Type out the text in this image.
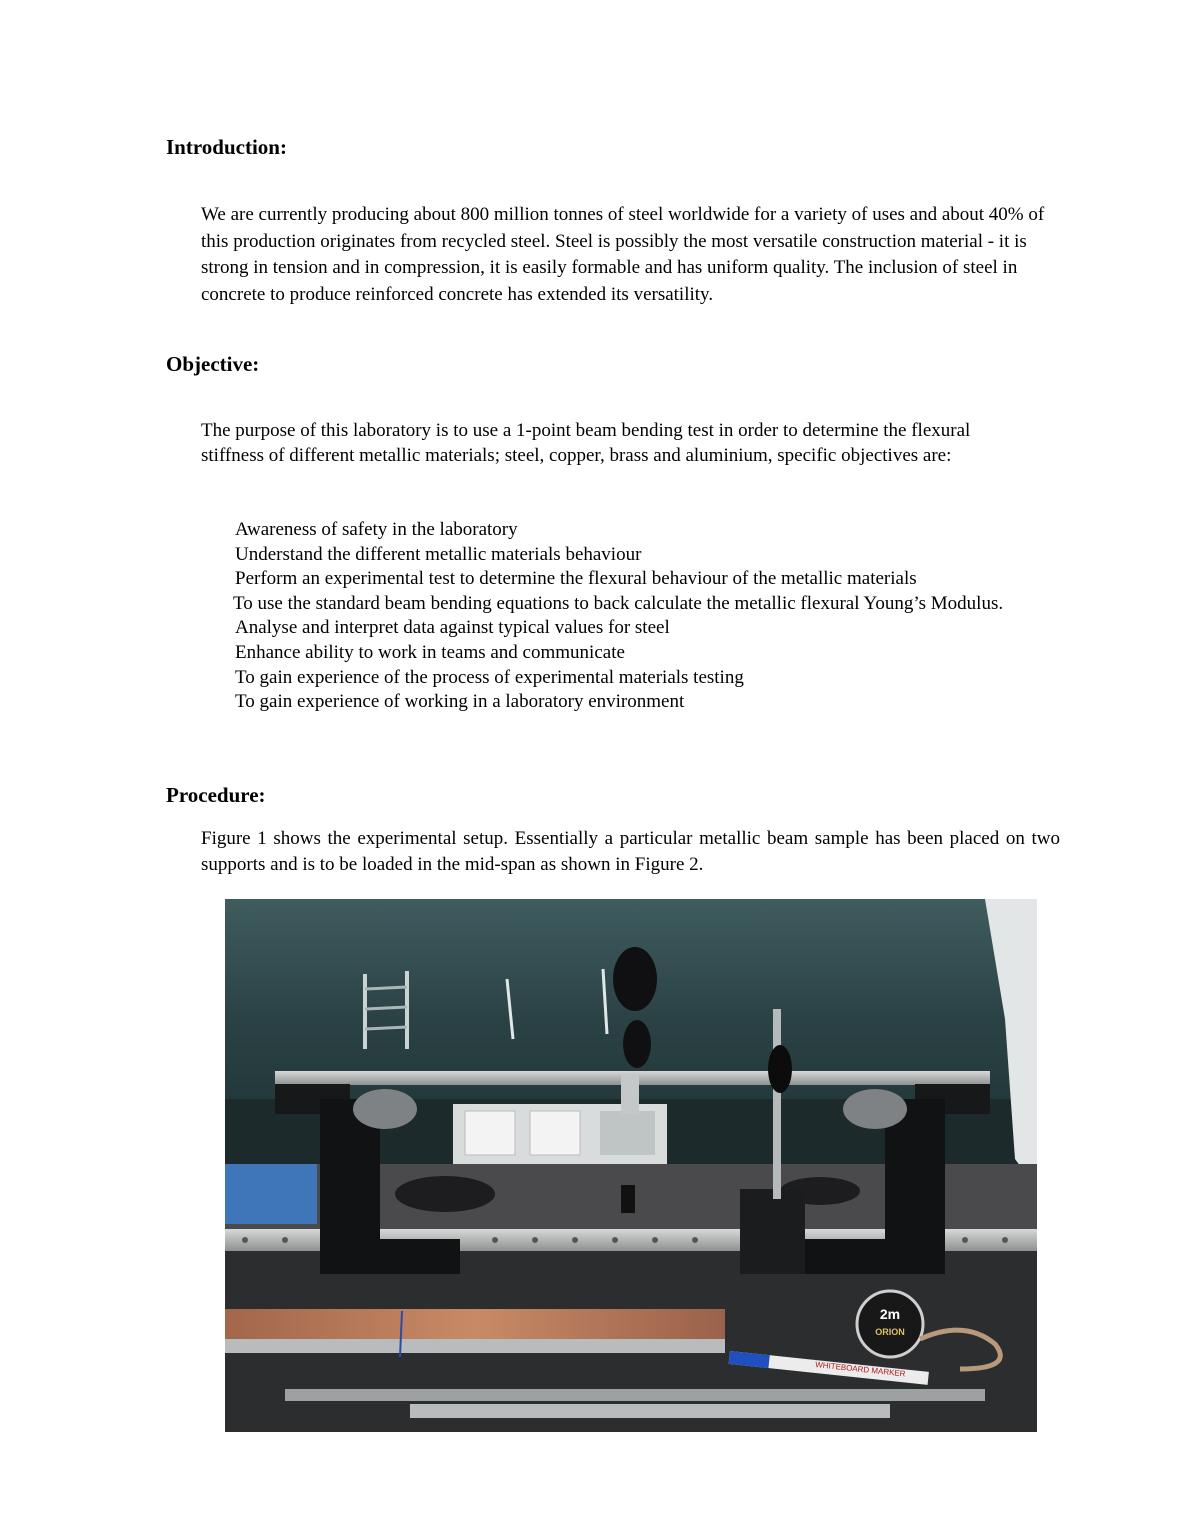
Introduction:

We are currently producing about 800 million tonnes of steel worldwide for a variety of uses and about 40% of this production originates from recycled steel. Steel is possibly the most versatile construction material - it is strong in tension and in compression, it is easily formable and has uniform quality. The inclusion of steel in concrete to produce reinforced concrete has extended its versatility.

Objective:

The purpose of this laboratory is to use a 1-point beam bending test in order to determine the flexural stiffness of different metallic materials; steel, copper, brass and aluminium, specific objectives are:

Awareness of safety in the laboratory
Understand the different metallic materials behaviour
Perform an experimental test to determine the flexural behaviour of the metallic materials
To use the standard beam bending equations to back calculate the metallic flexural Young’s Modulus.
Analyse and interpret data against typical values for steel
Enhance ability to work in teams and communicate
To gain experience of the process of experimental materials testing
To gain experience of working in a laboratory environment
Procedure:

Figure 1 shows the experimental setup. Essentially a particular metallic beam sample has been placed on two supports and is to be loaded in the mid-span as shown in Figure 2.

2m
ORION
WHITEBOARD MARKER
